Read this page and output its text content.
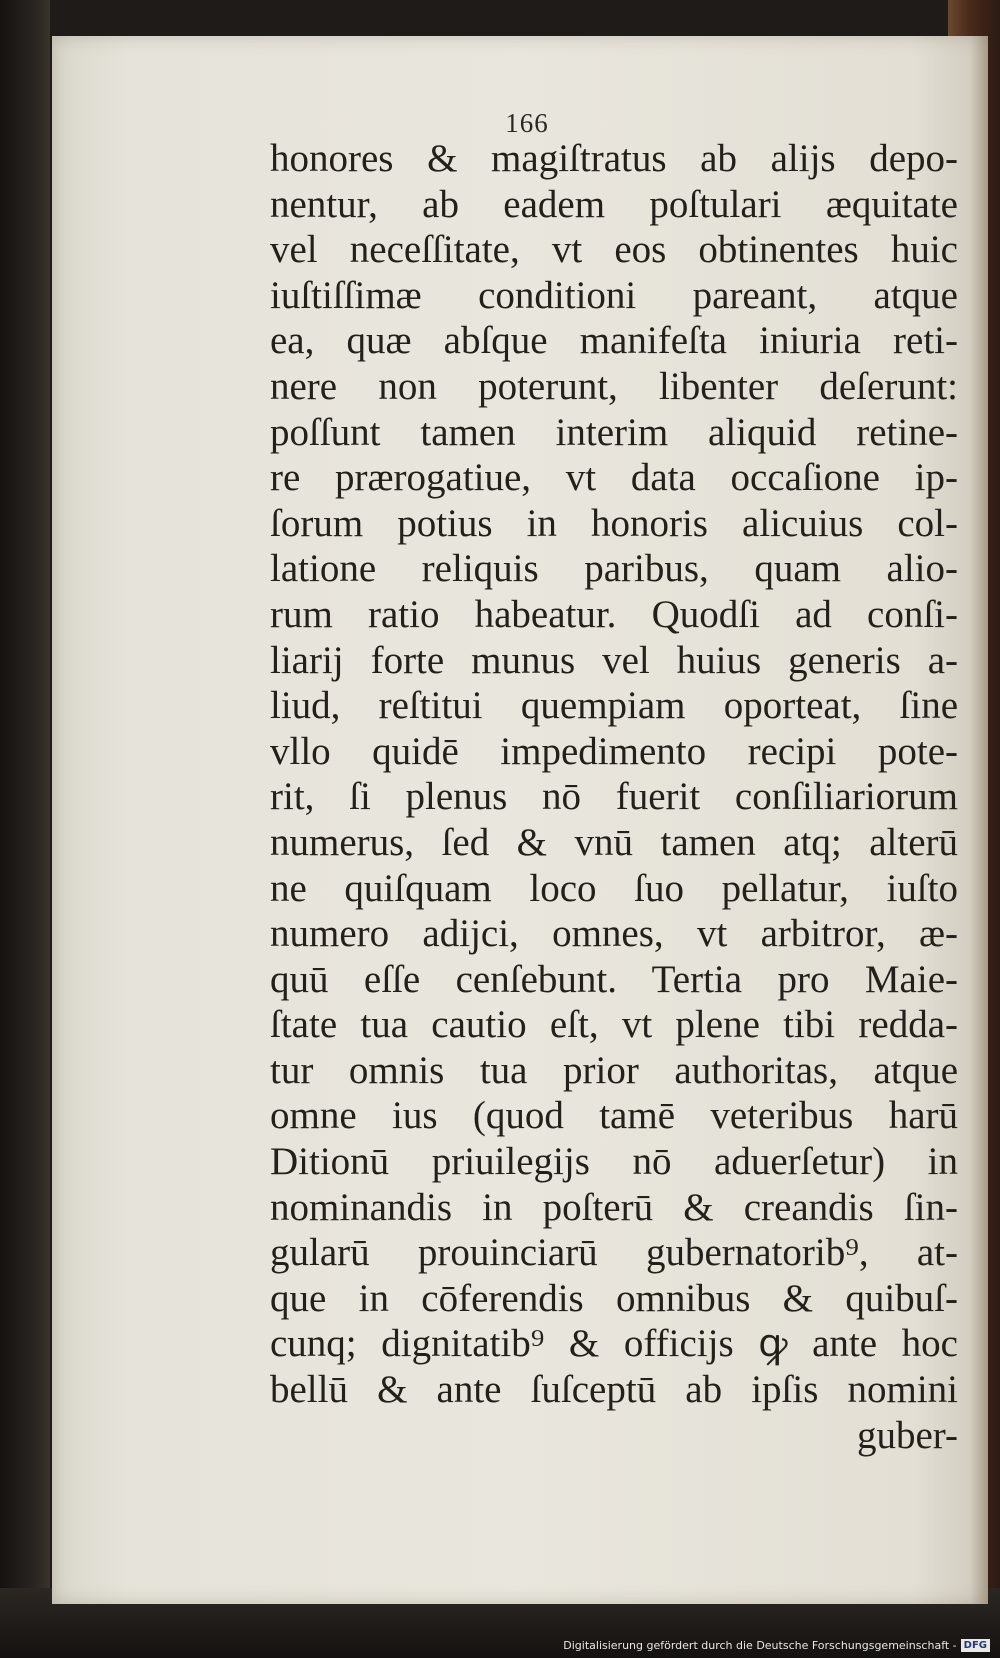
166
honores & magiſtratus ab alijs depo-
nentur, ab eadem poſtulari æquitate
vel neceſſitate, vt eos obtinentes huic
iuſtiſſimæ conditioni pareant, atque
ea, quæ abſque manifeſta iniuria reti-
nere non poterunt, libenter deſerunt:
poſſunt tamen interim aliquid retine-
re prærogatiue, vt data occaſione ip-
ſorum potius in honoris alicuius col-
latione reliquis paribus, quam alio-
rum ratio habeatur. Quodſi ad conſi-
liarij forte munus vel huius generis a-
liud, reſtitui quempiam oporteat, ſine
vllo quidē impedimento recipi pote-
rit, ſi plenus nō fuerit conſiliariorum
numerus, ſed & vnū tamen atq; alterū
ne quiſquam loco ſuo pellatur, iuſto
numero adijci, omnes, vt arbitror, æ-
quū eſſe cenſebunt. Tertia pro Maie-
ſtate tua cautio eſt, vt plene tibi redda-
tur omnis tua prior authoritas, atque
omne ius (quod tamē veteribus harū
Ditionū priuilegijs nō aduerſetur) in
nominandis in poſterū & creandis ſin-
gularū prouinciarū gubernatorib⁹, at-
que in cōferendis omnibus & quibuſ-
cunq; dignitatib⁹ & officijs ꝙ ante hoc
bellū & ante ſuſceptū ab ipſis nomini
guber-
Digitalisierung gefördert durch die Deutsche Forschungsgemeinschaft - DFG
